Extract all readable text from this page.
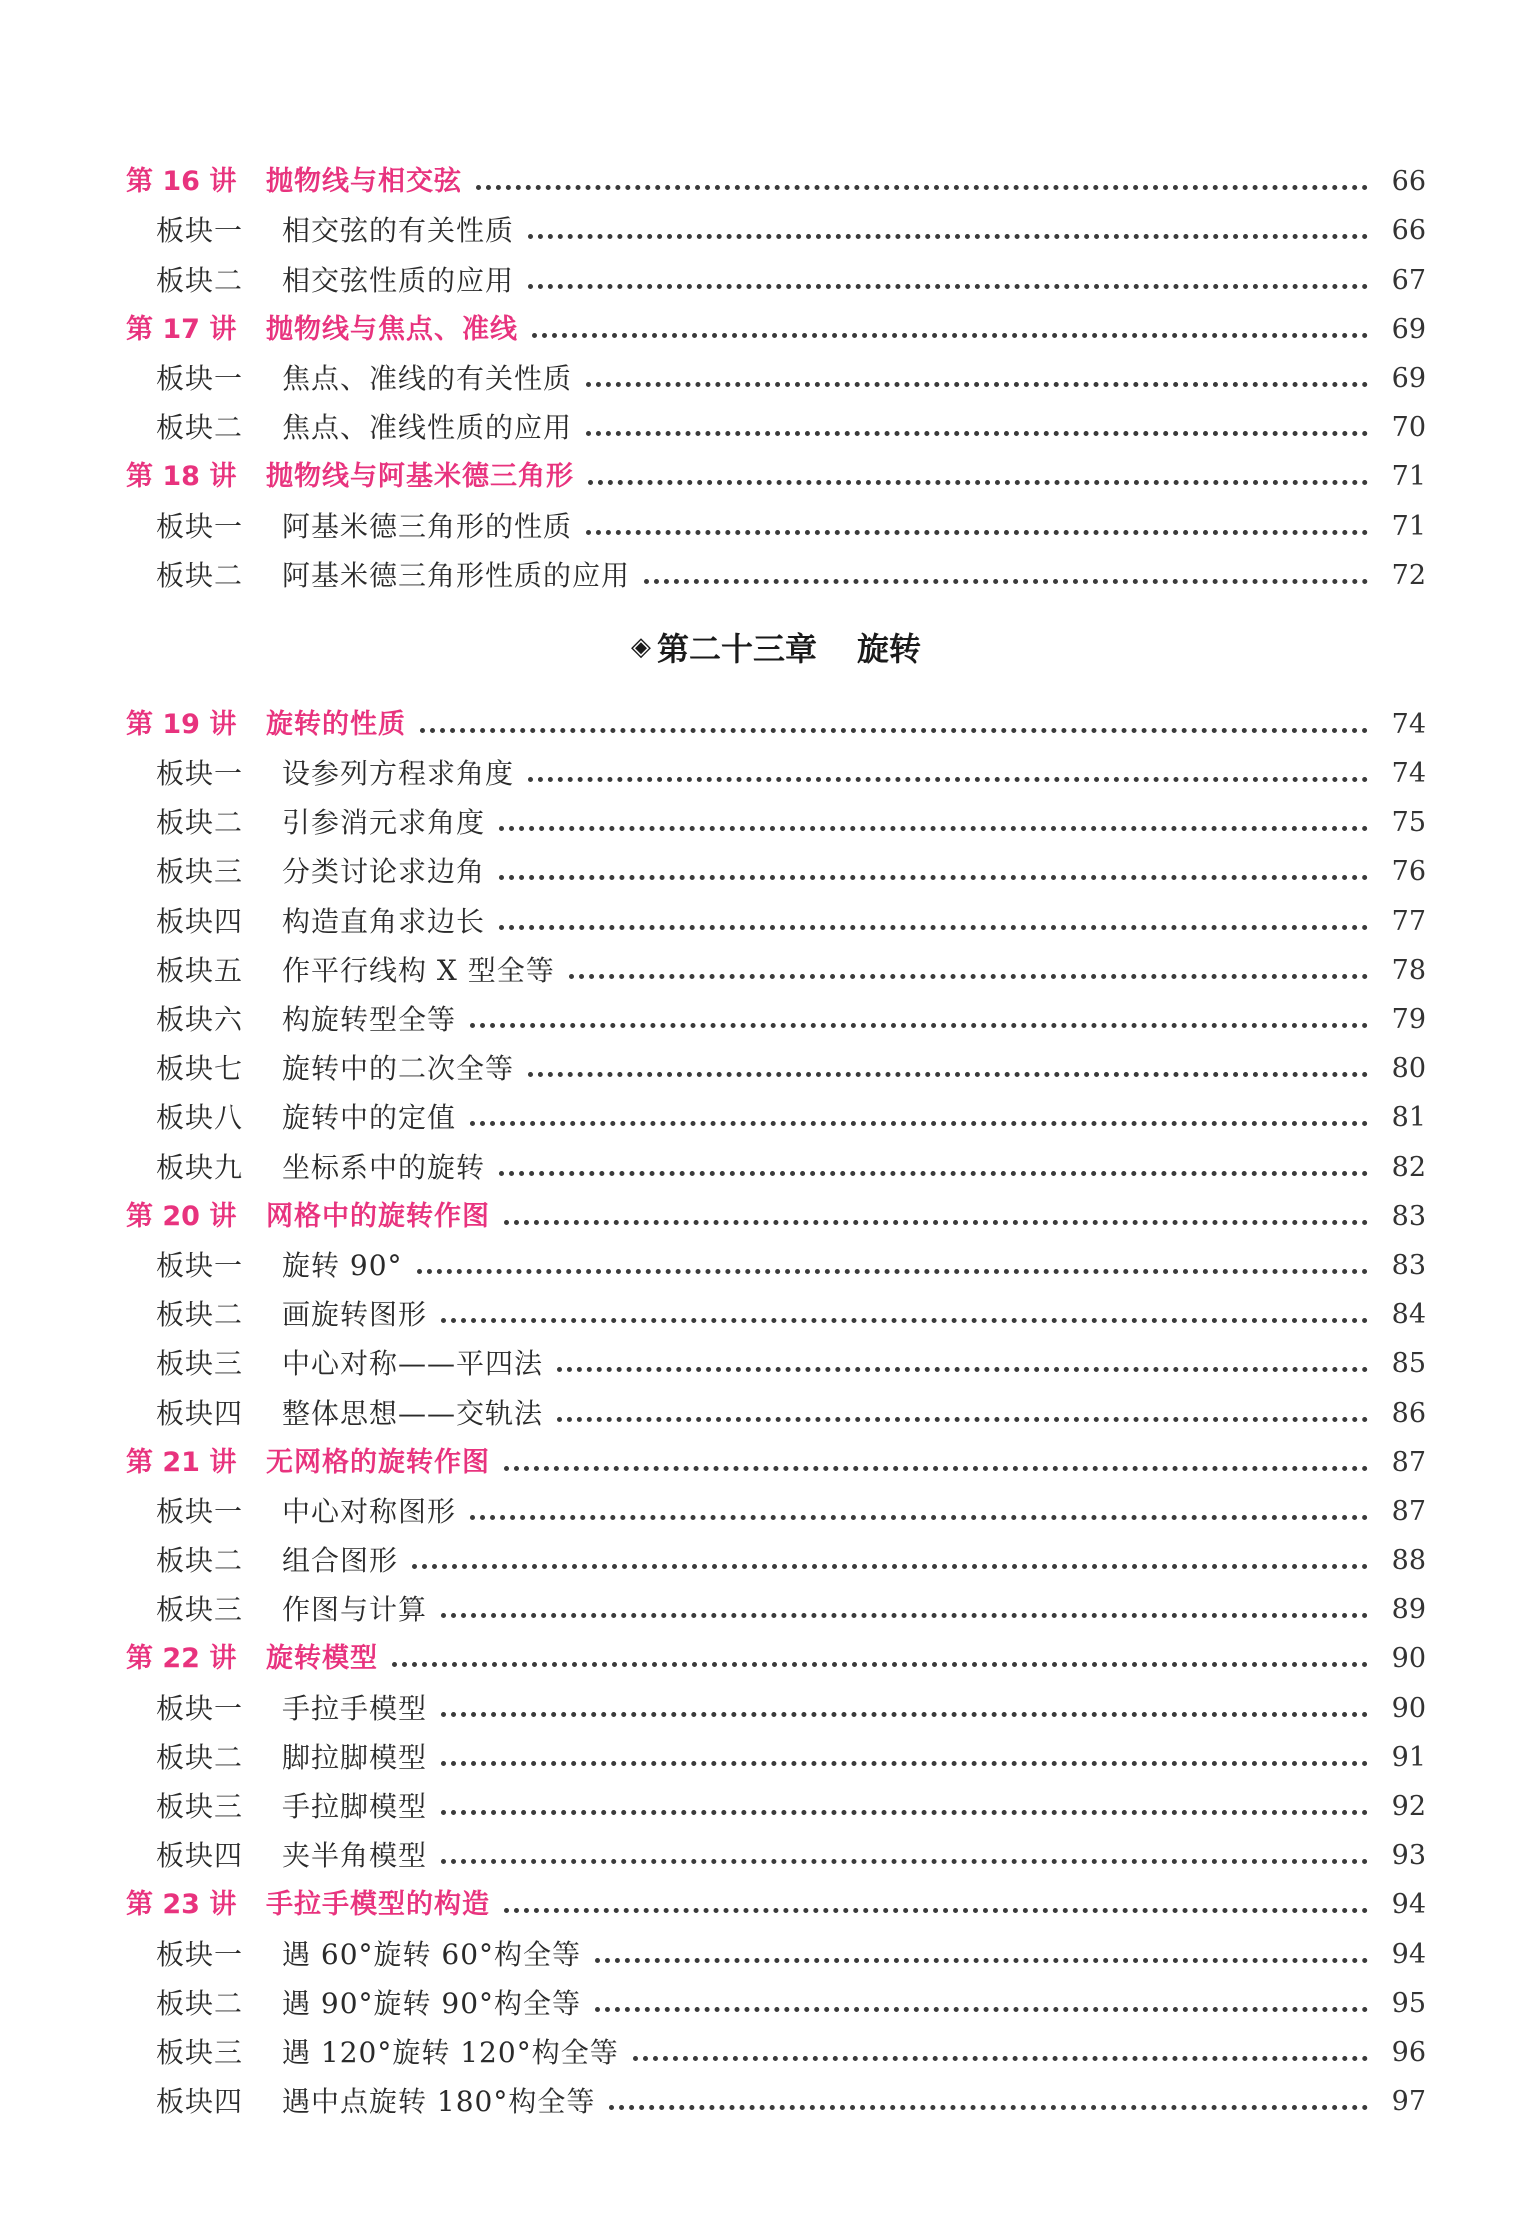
第 16 讲	抛物线与相交弦	66
板块一	相交弦的有关性质	66
板块二	相交弦性质的应用	67
第 17 讲	抛物线与焦点、准线	69
板块一	焦点、准线的有关性质	69
板块二	焦点、准线性质的应用	70
第 18 讲	抛物线与阿基米德三角形	71
板块一	阿基米德三角形的性质	71
板块二	阿基米德三角形性质的应用	72
◈ 第二十三章 旋转
第 19 讲	旋转的性质	74
板块一	设参列方程求角度	74
板块二	引参消元求角度	75
板块三	分类讨论求边角	76
板块四	构造直角求边长	77
板块五	作平行线构 X 型全等	78
板块六	构旋转型全等	79
板块七	旋转中的二次全等	80
板块八	旋转中的定值	81
板块九	坐标系中的旋转	82
第 20 讲	网格中的旋转作图	83
板块一	旋转 90°	83
板块二	画旋转图形	84
板块三	中心对称——平四法	85
板块四	整体思想——交轨法	86
第 21 讲	无网格的旋转作图	87
板块一	中心对称图形	87
板块二	组合图形	88
板块三	作图与计算	89
第 22 讲	旋转模型	90
板块一	手拉手模型	90
板块二	脚拉脚模型	91
板块三	手拉脚模型	92
板块四	夹半角模型	93
第 23 讲	手拉手模型的构造	94
板块一	遇 60°旋转 60°构全等	94
板块二	遇 90°旋转 90°构全等	95
板块三	遇 120°旋转 120°构全等	96
板块四	遇中点旋转 180°构全等	97
